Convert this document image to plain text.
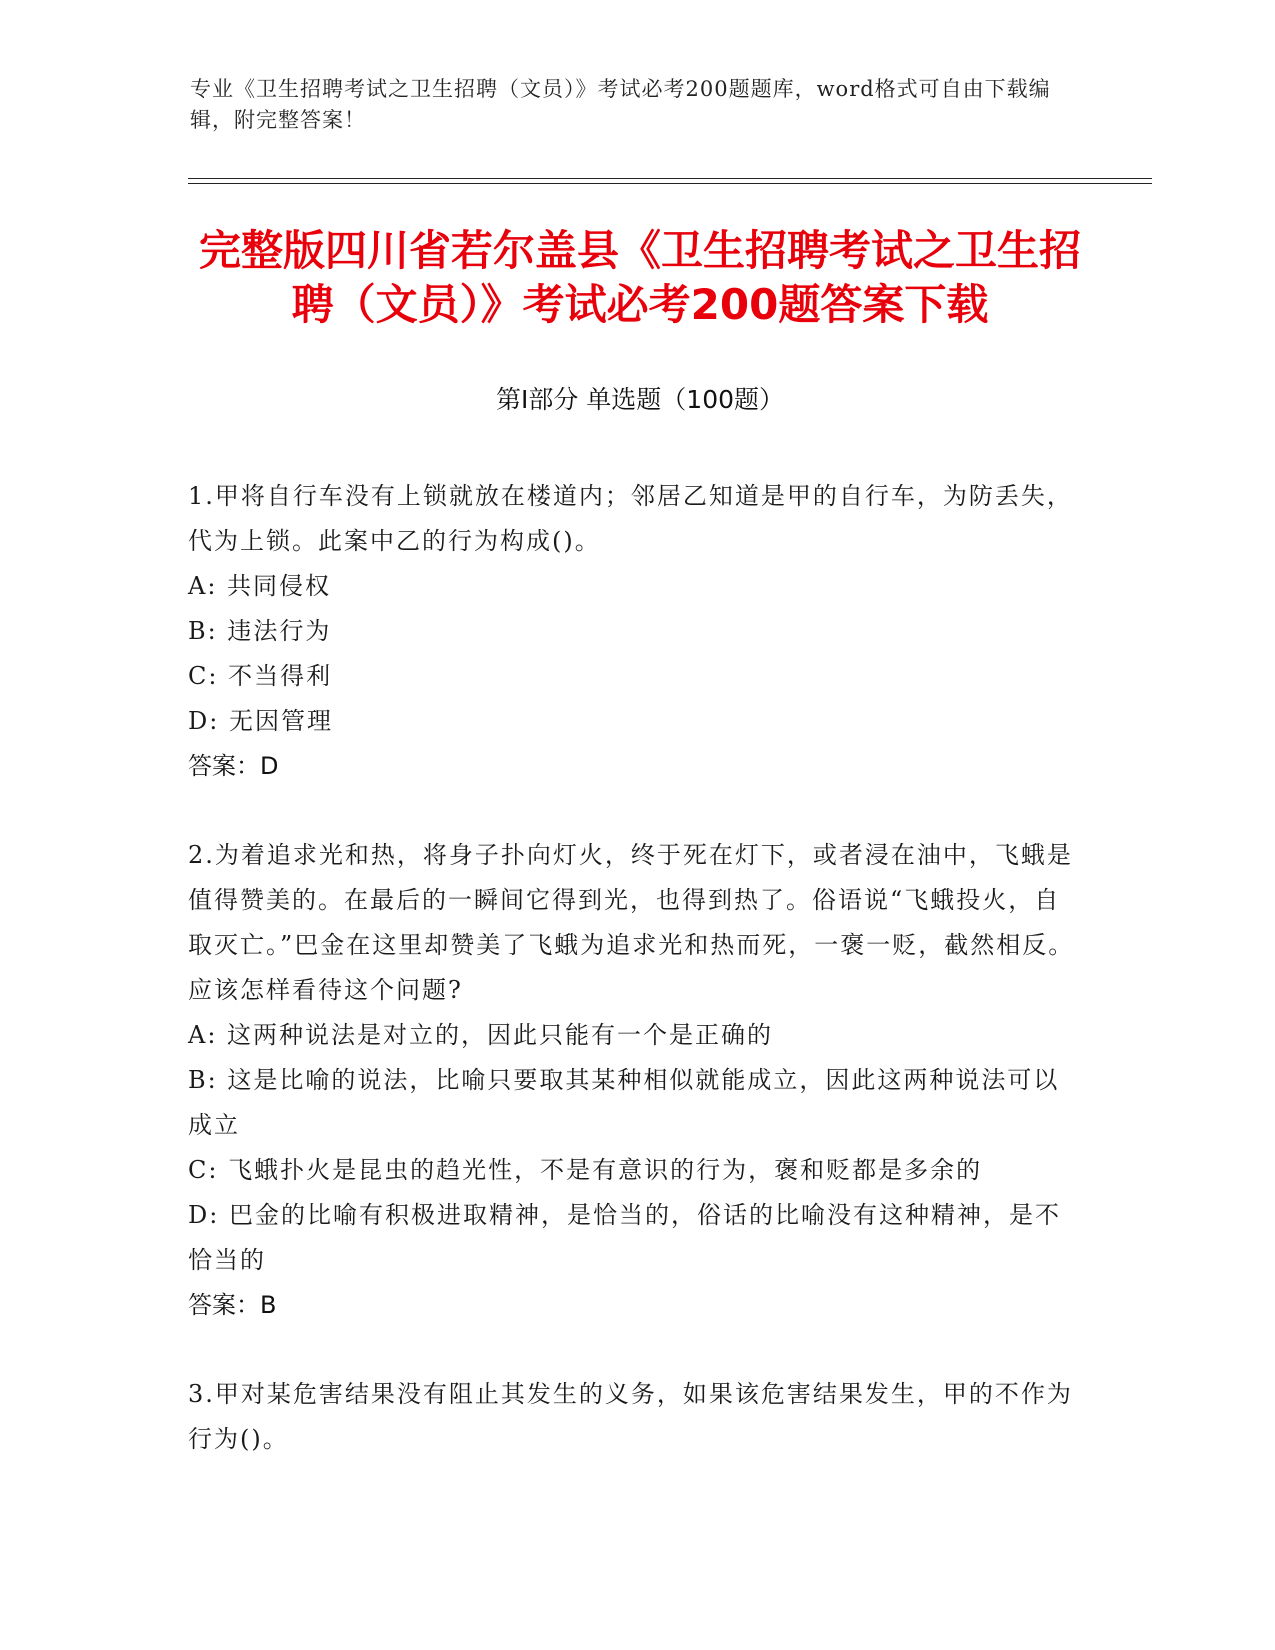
专业《卫生招聘考试之卫生招聘（文员）》考试必考200题题库，word格式可自由下载编辑，附完整答案！
完整版四川省若尔盖县《卫生招聘考试之卫生招聘（文员）》考试必考200题答案下载
第Ⅰ部分 单选题（100题）
1.甲将自行车没有上锁就放在楼道内；邻居乙知道是甲的自行车，为防丢失，代为上锁。此案中乙的行为构成()。
A: 共同侵权
B: 违法行为
C: 不当得利
D: 无因管理
答案：D
2.为着追求光和热，将身子扑向灯火，终于死在灯下，或者浸在油中，飞蛾是值得赞美的。在最后的一瞬间它得到光，也得到热了。俗语说“飞蛾投火，自取灭亡。”巴金在这里却赞美了飞蛾为追求光和热而死，一褒一贬，截然相反。应该怎样看待这个问题?
A: 这两种说法是对立的，因此只能有一个是正确的
B: 这是比喻的说法，比喻只要取其某种相似就能成立，因此这两种说法可以成立
C: 飞蛾扑火是昆虫的趋光性，不是有意识的行为，褒和贬都是多余的
D: 巴金的比喻有积极进取精神，是恰当的，俗话的比喻没有这种精神，是不恰当的
答案：B
3.甲对某危害结果没有阻止其发生的义务，如果该危害结果发生，甲的不作为行为()。
